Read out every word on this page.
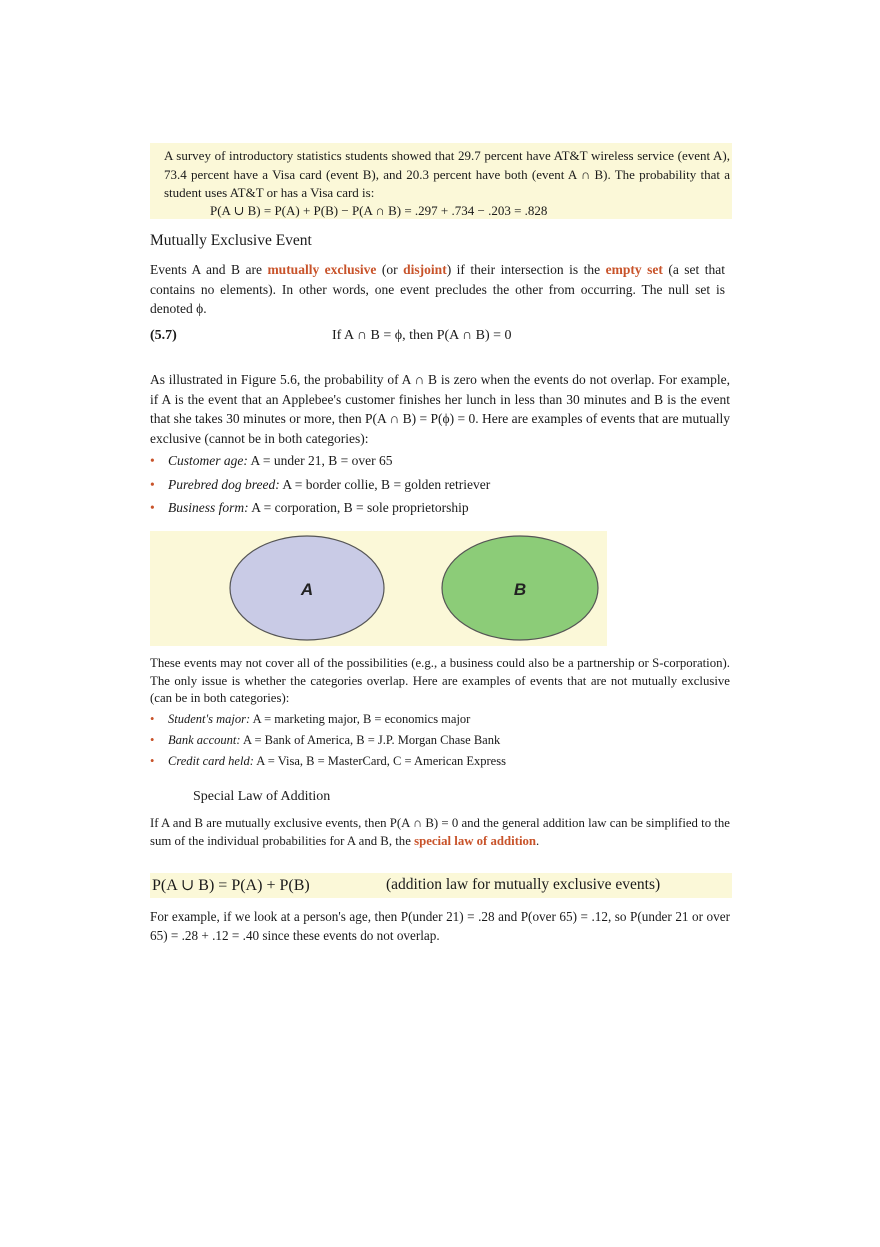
A survey of introductory statistics students showed that 29.7 percent have AT&T wireless service (event A), 73.4 percent have a Visa card (event B), and 20.3 percent have both (event A ∩ B). The probability that a student uses AT&T or has a Visa card is:

P(A ∪ B) = P(A) + P(B) − P(A ∩ B) = .297 + .734 − .203 = .828
Mutually Exclusive Event

Events A and B are mutually exclusive (or disjoint) if their intersection is the empty set (a set that contains no elements). In other words, one event precludes the other from occurring. The null set is denoted ϕ.

(5.7)	If A ∩ B = ϕ, then P(A ∩ B) = 0

As illustrated in Figure 5.6, the probability of A ∩ B is zero when the events do not overlap. For example, if A is the event that an Applebee's customer finishes her lunch in less than 30 minutes and B is the event that she takes 30 minutes or more, then P(A ∩ B) = P(ϕ) = 0. Here are examples of events that are mutually exclusive (cannot be in both categories):

• Customer age: A = under 21, B = over 65
• Purebred dog breed: A = border collie, B = golden retriever
• Business form: A = corporation, B = sole proprietorship
A	B

These events may not cover all of the possibilities (e.g., a business could also be a partnership or S-corporation). The only issue is whether the categories overlap. Here are examples of events that are not mutually exclusive (can be in both categories):

• Student's major: A = marketing major, B = economics major
• Bank account: A = Bank of America, B = J.P. Morgan Chase Bank
• Credit card held: A = Visa, B = MasterCard, C = American Express
Special Law of Addition

If A and B are mutually exclusive events, then P(A ∩ B) = 0 and the general addition law can be simplified to the sum of the individual probabilities for A and B, the special law of addition.

P(A ∪ B) = P(A) + P(B)	(addition law for mutually exclusive events)

For example, if we look at a person's age, then P(under 21) = .28 and P(over 65) = .12, so P(under 21 or over 65) = .28 + .12 = .40 since these events do not overlap.
